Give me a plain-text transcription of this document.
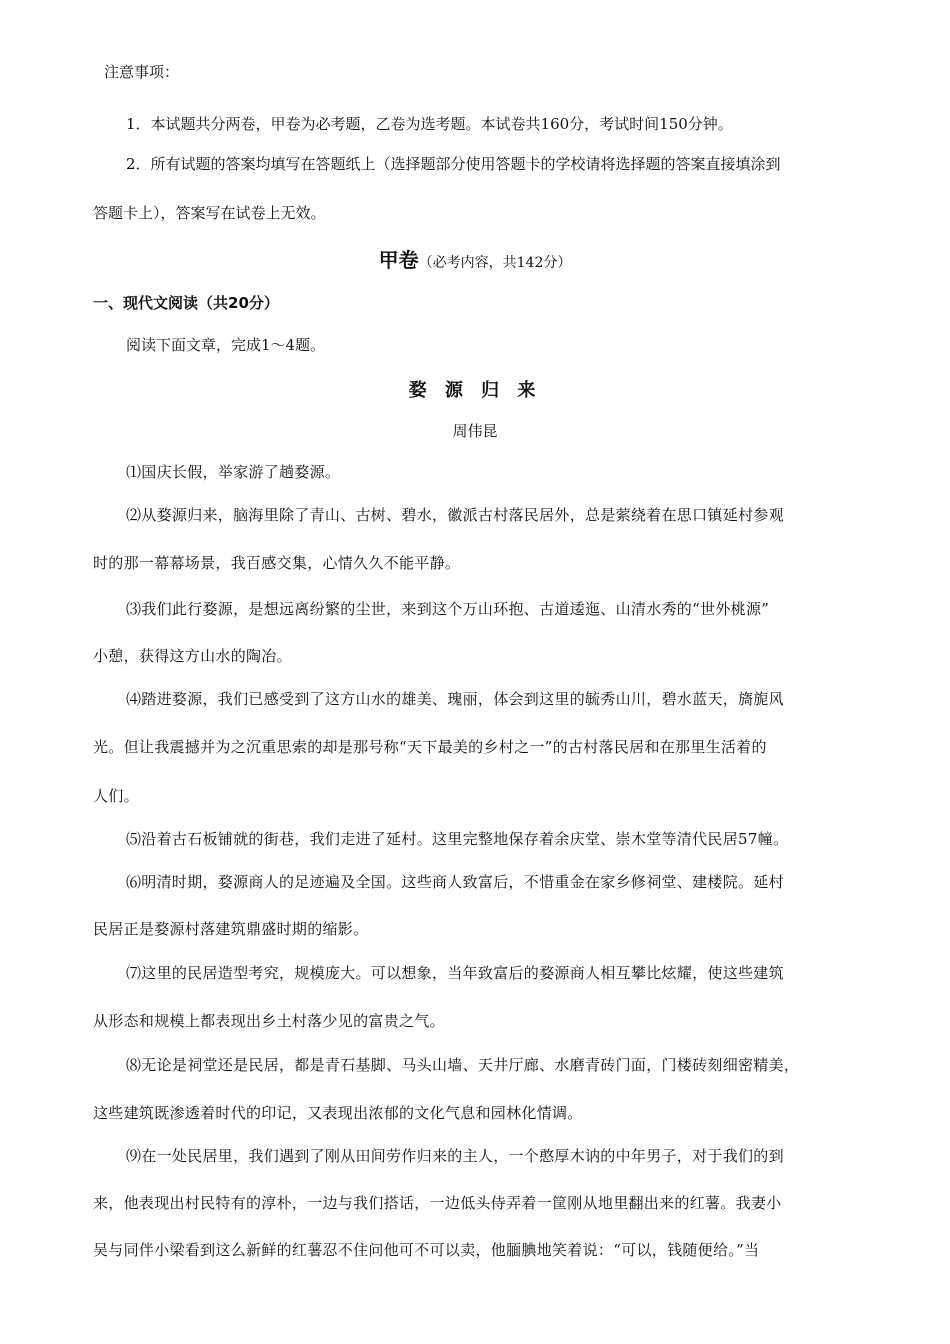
注意事项：
1．本试题共分两卷，甲卷为必考题，乙卷为选考题。本试卷共160分，考试时间150分钟。
2．所有试题的答案均填写在答题纸上（选择题部分使用答题卡的学校请将选择题的答案直接填涂到
答题卡上），答案写在试卷上无效。
甲卷（必考内容，共142分）
一、现代文阅读（共20分）
阅读下面文章，完成1～4题。
婺 源 归 来
周伟昆
⑴国庆长假，举家游了趟婺源。
⑵从婺源归来，脑海里除了青山、古树、碧水，徽派古村落民居外，总是萦绕着在思口镇延村参观
时的那一幕幕场景，我百感交集，心情久久不能平静。
⑶我们此行婺源，是想远离纷繁的尘世，来到这个万山环抱、古道逶迤、山清水秀的“世外桃源”
小憩，获得这方山水的陶冶。
⑷踏进婺源，我们已感受到了这方山水的雄美、瑰丽，体会到这里的毓秀山川，碧水蓝天，旖旎风
光。但让我震撼并为之沉重思索的却是那号称“天下最美的乡村之一”的古村落民居和在那里生活着的
人们。
⑸沿着古石板铺就的街巷，我们走进了延村。这里完整地保存着余庆堂、崇木堂等清代民居57幢。
⑹明清时期，婺源商人的足迹遍及全国。这些商人致富后，不惜重金在家乡修祠堂、建楼院。延村
民居正是婺源村落建筑鼎盛时期的缩影。
⑺这里的民居造型考究，规模庞大。可以想象，当年致富后的婺源商人相互攀比炫耀，使这些建筑
从形态和规模上都表现出乡土村落少见的富贵之气。
⑻无论是祠堂还是民居，都是青石基脚、马头山墙、天井厅廊、水磨青砖门面，门楼砖刻细密精美，
这些建筑既渗透着时代的印记，又表现出浓郁的文化气息和园林化情调。
⑼在一处民居里，我们遇到了刚从田间劳作归来的主人，一个憨厚木讷的中年男子，对于我们的到
来，他表现出村民特有的淳朴，一边与我们搭话，一边低头侍弄着一筐刚从地里翻出来的红薯。我妻小
吴与同伴小梁看到这么新鲜的红薯忍不住问他可不可以卖，他腼腆地笑着说：“可以，钱随便给。”当
